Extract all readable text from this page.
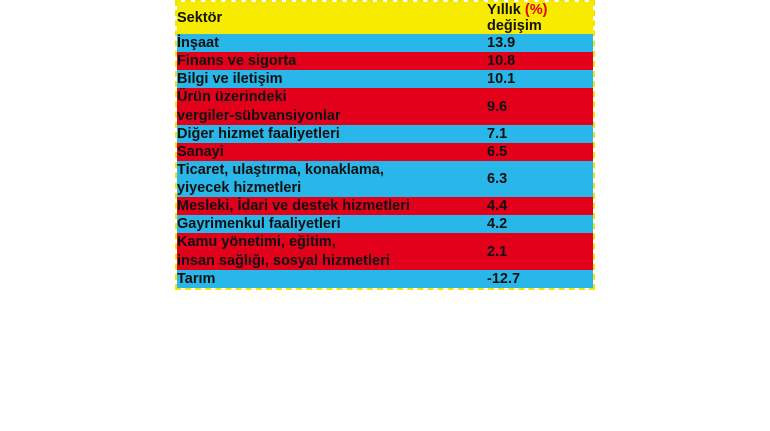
Sektör	Yıllık (%)
değişim

İnşaat	13.9

Finans ve sigorta	10.8

Bilgi ve iletişim	10.1

Ürün üzerindeki
vergiler-sübvansiyonlar	9.6

Diğer hizmet faaliyetleri	7.1

Sanayi	6.5

Ticaret, ulaştırma, konaklama,
yiyecek hizmetleri	6.3

Mesleki, İdari ve destek hizmetleri	4.4

Gayrimenkul faaliyetleri	4.2

Kamu yönetimi, eğitim,
insan sağlığı, sosyal hizmetleri	2.1

Tarım	-12.7
